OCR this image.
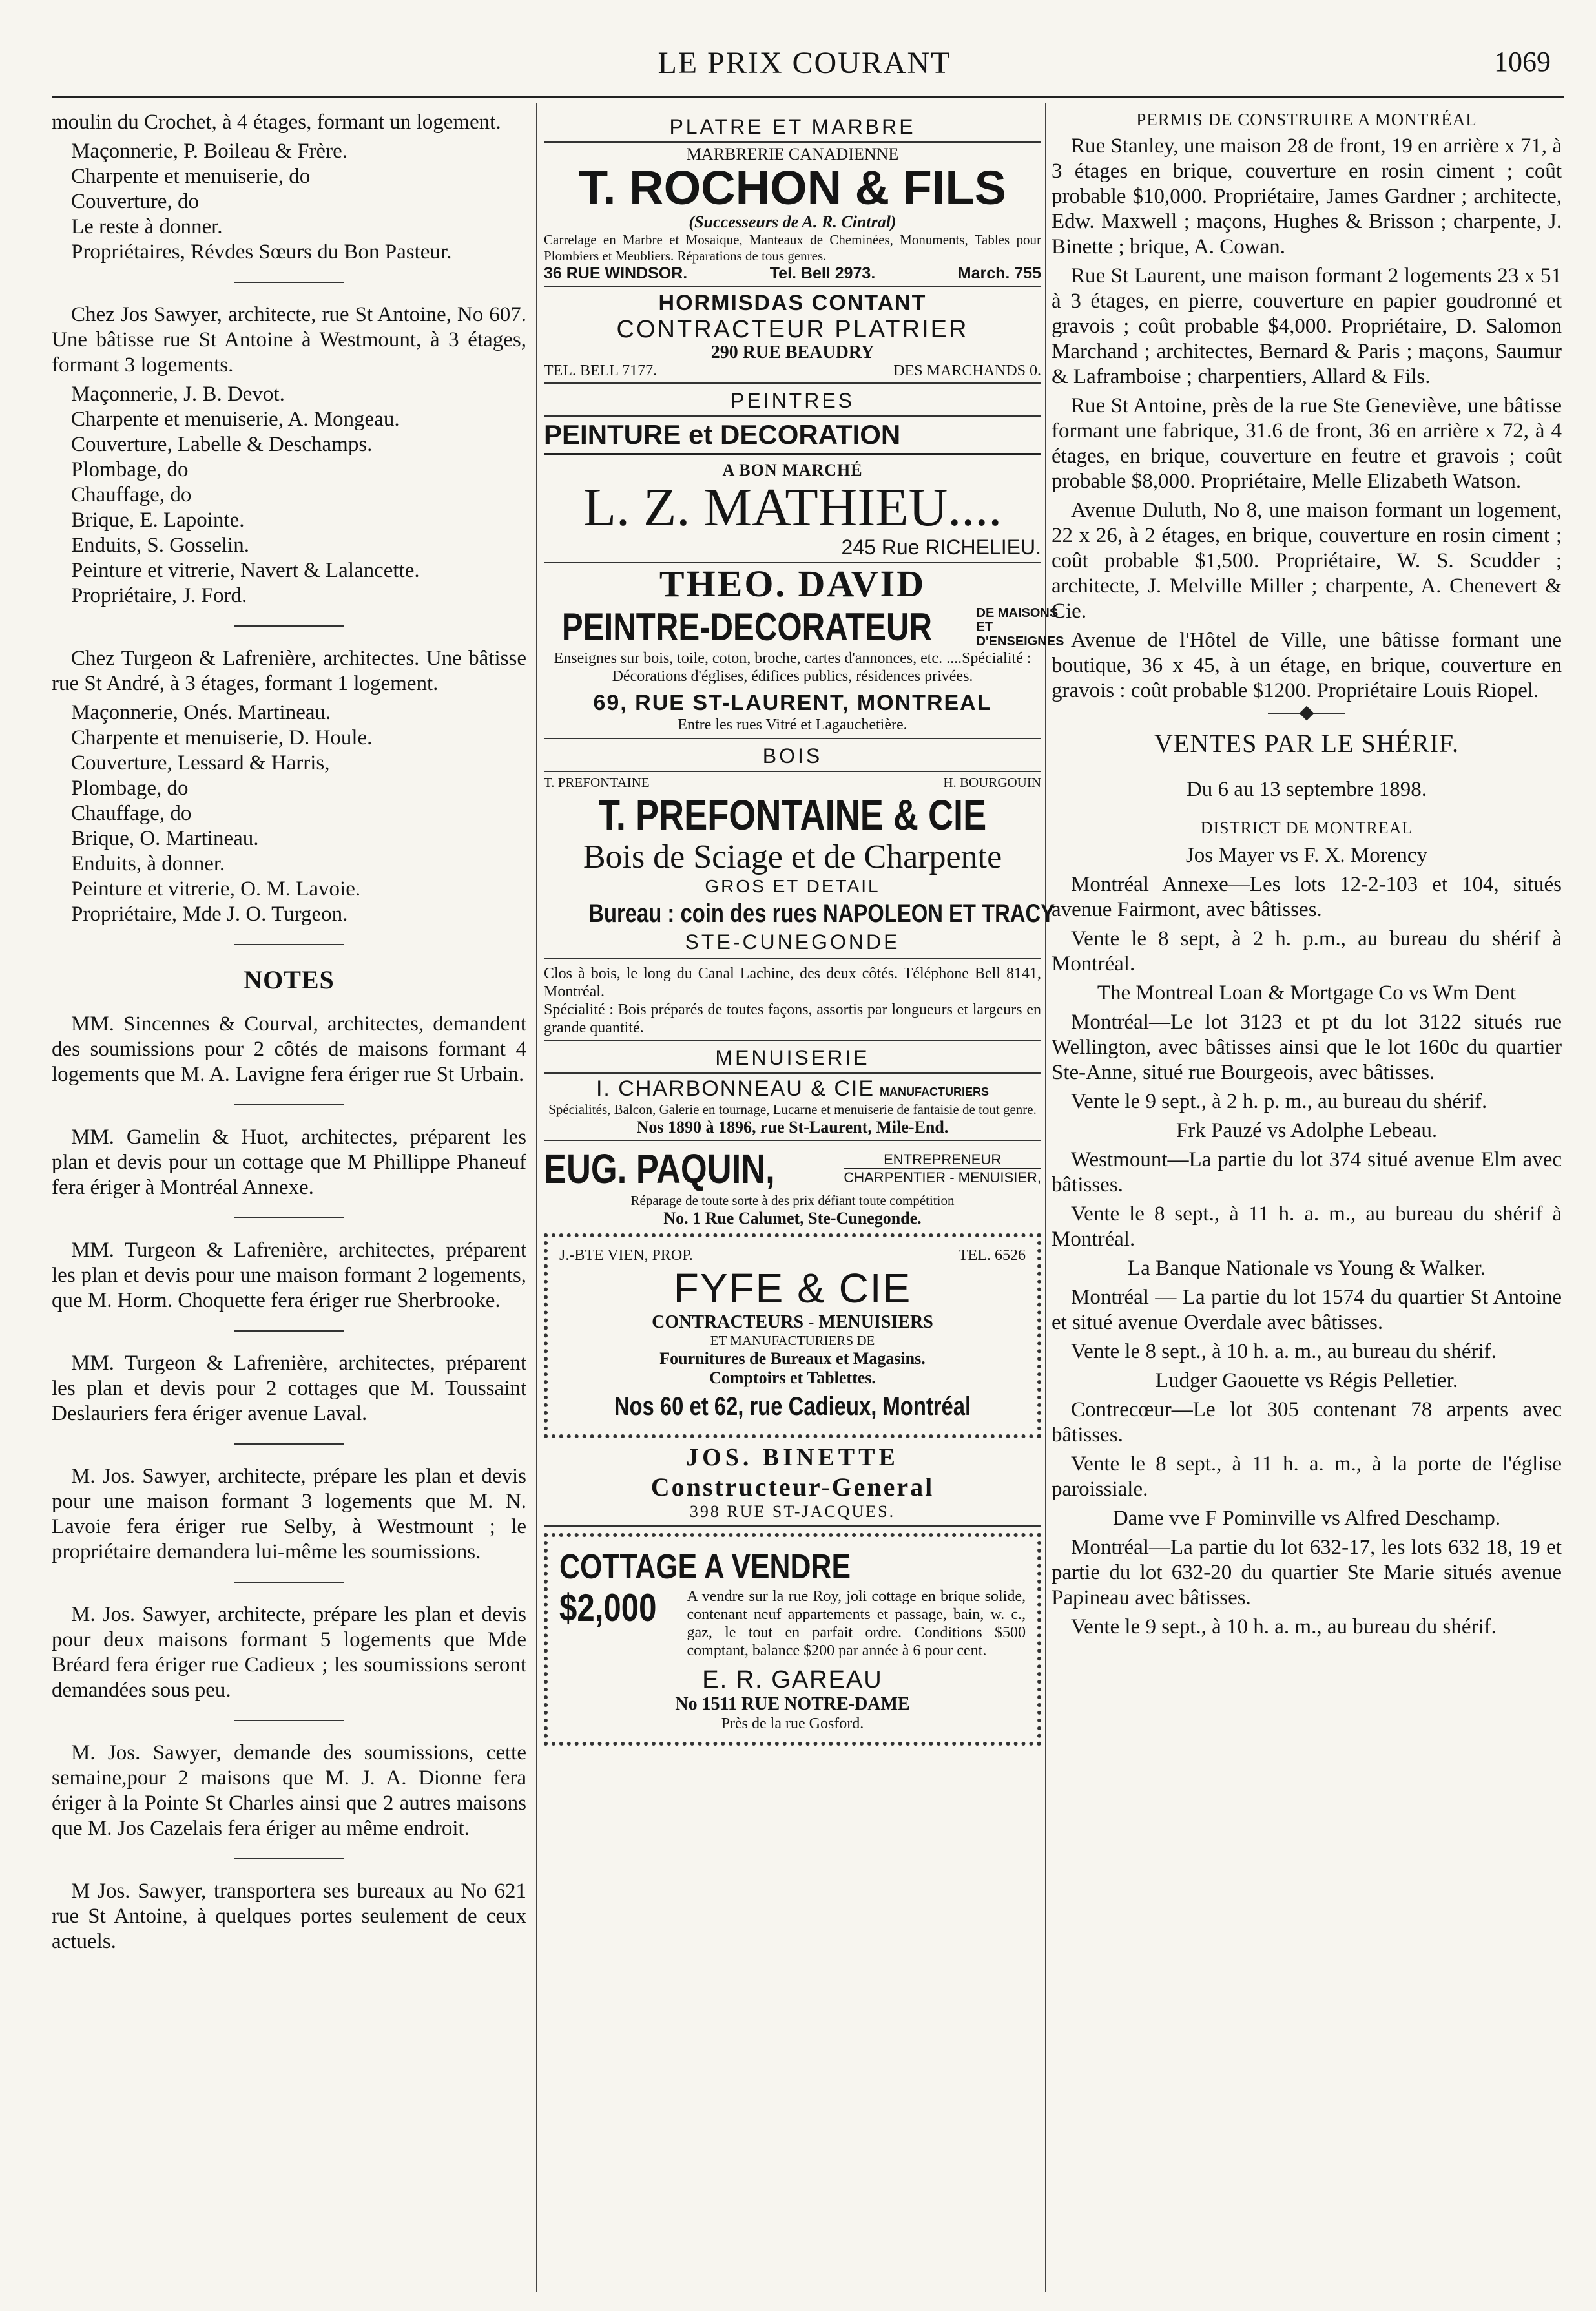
LE PRIX COURANT	1069

moulin du Crochet, à 4 étages, formant un logement.

Maçonnerie, P. Boileau & Frère.

Charpente et menuiserie, do

Couverture, do

Le reste à donner.

Propriétaires, Révdes Sœurs du Bon Pasteur.

Chez Jos Sawyer, architecte, rue St Antoine, No 607. Une bâtisse rue St Antoine à Westmount, à 3 étages, formant 3 logements.

Maçonnerie, J. B. Devot.

Charpente et menuiserie, A. Mongeau.

Couverture, Labelle & Deschamps.

Plombage, do

Chauffage, do

Brique, E. Lapointe.

Enduits, S. Gosselin.

Peinture et vitrerie, Navert & Lalancette.

Propriétaire, J. Ford.

Chez Turgeon & Lafrenière, architectes. Une bâtisse rue St André, à 3 étages, formant 1 logement.

Maçonnerie, Onés. Martineau.

Charpente et menuiserie, D. Houle.

Couverture, Lessard & Harris,

Plombage, do

Chauffage, do

Brique, O. Martineau.

Enduits, à donner.

Peinture et vitrerie, O. M. Lavoie.

Propriétaire, Mde J. O. Turgeon.

NOTES

MM. Sincennes & Courval, architectes, demandent des soumissions pour 2 côtés de maisons formant 4 logements que M. A. Lavigne fera ériger rue St Urbain.

MM. Gamelin & Huot, architectes, préparent les plan et devis pour un cottage que M Phillippe Phaneuf fera ériger à Montréal Annexe.

MM. Turgeon & Lafrenière, architectes, préparent les plan et devis pour une maison formant 2 logements, que M. Horm. Choquette fera ériger rue Sherbrooke.

MM. Turgeon & Lafrenière, architectes, préparent les plan et devis pour 2 cottages que M. Toussaint Deslauriers fera ériger avenue Laval.

M. Jos. Sawyer, architecte, prépare les plan et devis pour une maison formant 3 logements que M. N. Lavoie fera ériger rue Selby, à Westmount ; le propriétaire demandera lui-même les soumissions.

M. Jos. Sawyer, architecte, prépare les plan et devis pour deux maisons formant 5 logements que Mde Bréard fera ériger rue Cadieux ; les soumissions seront demandées sous peu.

M. Jos. Sawyer, demande des soumissions, cette semaine,pour 2 maisons que M. J. A. Dionne fera ériger à la Pointe St Charles ainsi que 2 autres maisons que M. Jos Cazelais fera ériger au même endroit.

M Jos. Sawyer, transportera ses bureaux au No 621 rue St Antoine, à quelques portes seulement de ceux actuels.

PLATRE ET MARBRE
MARBRERIE CANADIENNE
T. ROCHON & FILS
(Successeurs de A. R. Cintral)
Carrelage en Marbre et Mosaique, Manteaux de Cheminées, Monuments, Tables pour Plombiers et Meubliers. Réparations de tous genres.
36 RUE WINDSOR.	Tel. Bell 2973.	March. 755
HORMISDAS CONTANT
CONTRACTEUR PLATRIER
290 RUE BEAUDRY
TEL. BELL 7177.	DES MARCHANDS 0.
PEINTRES
PEINTURE et DECORATION
A BON MARCHÉ
L. Z. MATHIEU....
245 Rue RICHELIEU.
THEO. DAVID
PEINTRE-DECORATEUR	DE MAISONS
ET D'ENSEIGNES
Enseignes sur bois, toile, coton, broche, cartes d'annonces, etc. ....Spécialité : Décorations d'églises, édifices publics, résidences privées.
69, RUE ST-LAURENT, MONTREAL
Entre les rues Vitré et Lagauchetière.
BOIS
T. PREFONTAINE	H. BOURGOUIN
T. PREFONTAINE & CIE
Bois de Sciage et de Charpente
GROS ET DETAIL
Bureau : coin des rues NAPOLEON ET TRACY
STE-CUNEGONDE
Clos à bois, le long du Canal Lachine, des deux côtés. Téléphone Bell 8141, Montréal.
Spécialité : Bois préparés de toutes façons, assortis par longueurs et largeurs en grande quantité.
MENUISERIE
I. CHARBONNEAU & CIE MANUFACTURIERS
Spécialités, Balcon, Galerie en tournage, Lucarne et menuiserie de fantaisie de tout genre.
Nos 1890 à 1896, rue St-Laurent, Mile-End.
EUG. PAQUIN,	ENTREPRENEUR
CHARPENTIER - MENUISIER,
Réparage de toute sorte à des prix défiant toute compétition
No. 1 Rue Calumet, Ste-Cunegonde.
J.-BTE VIEN, PROP.	TEL. 6526
FYFE & CIE
CONTRACTEURS - MENUISIERS
ET MANUFACTURIERS DE
Fournitures de Bureaux et Magasins.
Comptoirs et Tablettes.
Nos 60 et 62, rue Cadieux, Montréal
JOS. BINETTE
Constructeur-General
398 RUE ST-JACQUES.
COTTAGE A VENDRE
$2,000 A vendre sur la rue Roy, joli cottage en brique solide, contenant neuf appartements et passage, bain, w. c., gaz, le tout en parfait ordre. Conditions $500 comptant, balance $200 par année à 6 pour cent.
E. R. GAREAU
No 1511 RUE NOTRE-DAME
Près de la rue Gosford.
PERMIS DE CONSTRUIRE A MONTRÉAL

Rue Stanley, une maison 28 de front, 19 en arrière x 71, à 3 étages en brique, couverture en rosin ciment ; coût probable $10,000. Propriétaire, James Gardner ; architecte, Edw. Maxwell ; maçons, Hughes & Brisson ; charpente, J. Binette ; brique, A. Cowan.

Rue St Laurent, une maison formant 2 logements 23 x 51 à 3 étages, en pierre, couverture en papier goudronné et gravois ; coût probable $4,000. Propriétaire, D. Salomon Marchand ; architectes, Bernard & Paris ; maçons, Saumur & Laframboise ; charpentiers, Allard & Fils.

Rue St Antoine, près de la rue Ste Geneviève, une bâtisse formant une fabrique, 31.6 de front, 36 en arrière x 72, à 4 étages, en brique, couverture en feutre et gravois ; coût probable $8,000. Propriétaire, Melle Elizabeth Watson.

Avenue Duluth, No 8, une maison formant un logement, 22 x 26, à 2 étages, en brique, couverture en rosin ciment ; coût probable $1,500. Propriétaire, W. S. Scudder ; architecte, J. Melville Miller ; charpente, A. Chenevert & Cie.

Avenue de l'Hôtel de Ville, une bâtisse formant une boutique, 36 x 45, à un étage, en brique, couverture en gravois : coût probable $1200. Propriétaire Louis Riopel.

VENTES PAR LE SHÉRIF.
Du 6 au 13 septembre 1898.
DISTRICT DE MONTREAL
Jos Mayer vs F. X. Morency

Montréal Annexe—Les lots 12-2-103 et 104, situés avenue Fairmont, avec bâtisses.

Vente le 8 sept, à 2 h. p.m., au bureau du shérif à Montréal.

The Montreal Loan & Mortgage Co vs Wm Dent

Montréal—Le lot 3123 et pt du lot 3122 situés rue Wellington, avec bâtisses ainsi que le lot 160c du quartier Ste-Anne, situé rue Bourgeois, avec bâtisses.

Vente le 9 sept., à 2 h. p. m., au bureau du shérif.

Frk Pauzé vs Adolphe Lebeau.

Westmount—La partie du lot 374 situé avenue Elm avec bâtisses.

Vente le 8 sept., à 11 h. a. m., au bureau du shérif à Montréal.

La Banque Nationale vs Young & Walker.

Montréal — La partie du lot 1574 du quartier St Antoine et situé avenue Overdale avec bâtisses.

Vente le 8 sept., à 10 h. a. m., au bureau du shérif.

Ludger Gaouette vs Régis Pelletier.

Contrecœur—Le lot 305 contenant 78 arpents avec bâtisses.

Vente le 8 sept., à 11 h. a. m., à la porte de l'église paroissiale.

Dame vve F Pominville vs Alfred Deschamp.

Montréal—La partie du lot 632-17, les lots 632 18, 19 et partie du lot 632-20 du quartier Ste Marie situés avenue Papineau avec bâtisses.

Vente le 9 sept., à 10 h. a. m., au bureau du shérif.
